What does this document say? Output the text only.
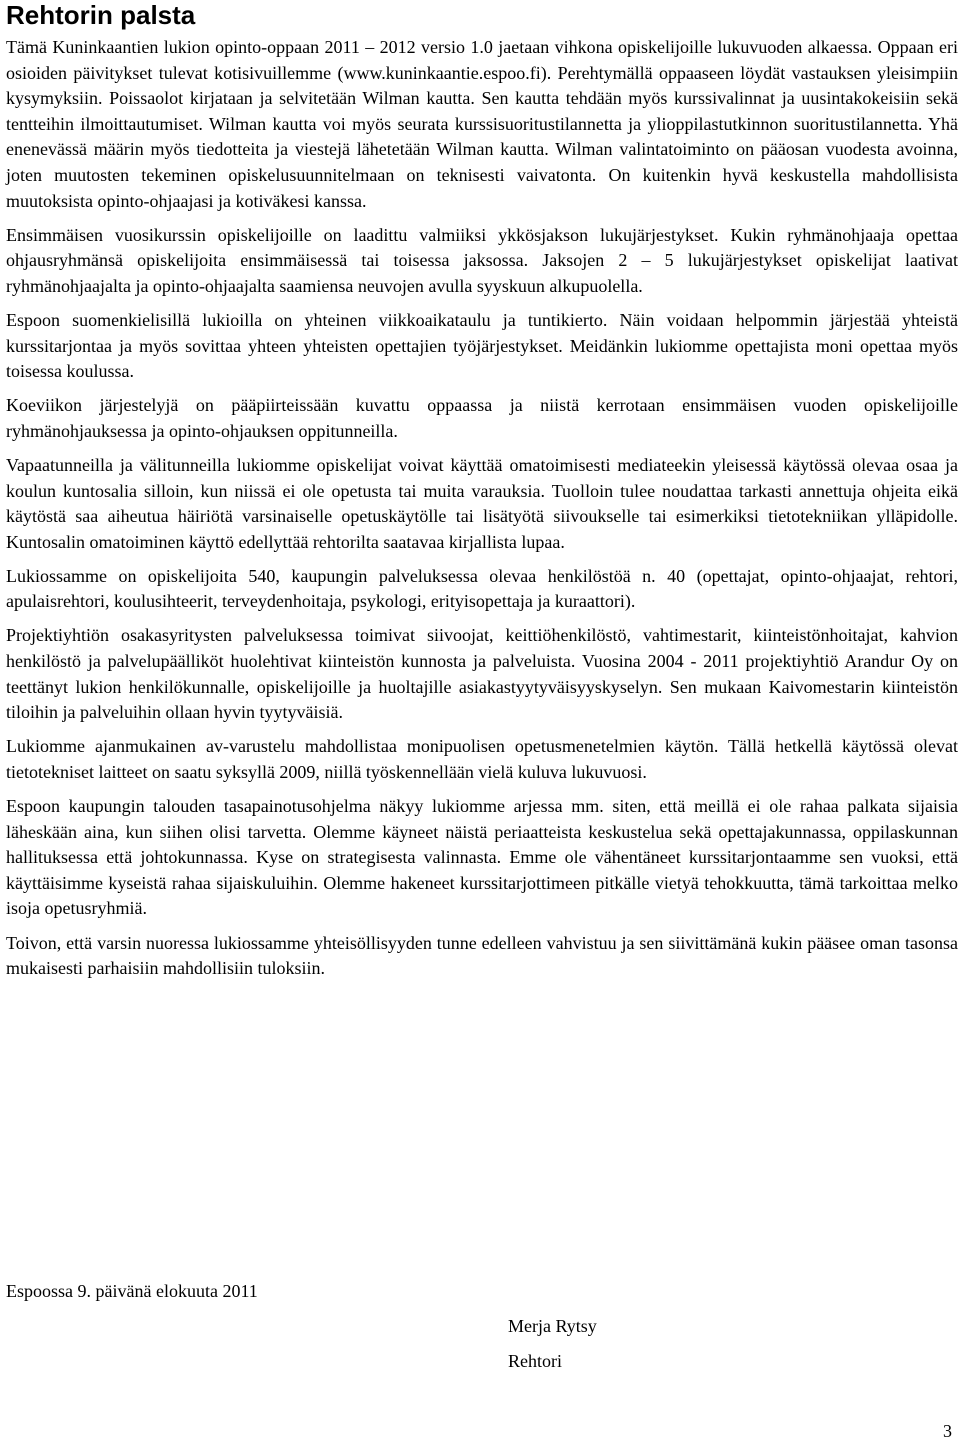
Rehtorin palsta

Tämä Kuninkaantien lukion opinto-oppaan 2011 – 2012 versio 1.0 jaetaan vihkona opiskelijoille lukuvuoden alkaessa. Oppaan eri osioiden päivitykset tulevat kotisivuillemme (www.kuninkaantie.espoo.fi). Perehtymällä oppaaseen löydät vastauksen yleisimpiin kysymyksiin. Poissaolot kirjataan ja selvitetään Wilman kautta. Sen kautta tehdään myös kurssivalinnat ja uusintakokeisiin sekä tentteihin ilmoittautumiset. Wilman kautta voi myös seurata kurssisuoritustilannetta ja ylioppilastutkinnon suoritustilannetta. Yhä enenevässä määrin myös tiedotteita ja viestejä lähetetään Wilman kautta. Wilman valintatoiminto on pääosan vuodesta avoinna, joten muutosten tekeminen opiskelusuunnitelmaan on teknisesti vaivatonta. On kuitenkin hyvä keskustella mahdollisista muutoksista opinto-ohjaajasi ja kotiväkesi kanssa.

Ensimmäisen vuosikurssin opiskelijoille on laadittu valmiiksi ykkösjakson lukujärjestykset. Kukin ryhmänohjaaja opettaa ohjausryhmänsä opiskelijoita ensimmäisessä tai toisessa jaksossa. Jaksojen 2 – 5 lukujärjestykset opiskelijat laativat ryhmänohjaajalta ja opinto-ohjaajalta saamiensa neuvojen avulla syyskuun alkupuolella.

Espoon suomenkielisillä lukioilla on yhteinen viikkoaikataulu ja tuntikierto. Näin voidaan helpommin järjestää yhteistä kurssitarjontaa ja myös sovittaa yhteen yhteisten opettajien työjärjestykset. Meidänkin lukiomme opettajista moni opettaa myös toisessa koulussa.

Koeviikon järjestelyjä on pääpiirteissään kuvattu oppaassa ja niistä kerrotaan ensimmäisen vuoden opiskelijoille ryhmänohjauksessa ja opinto-ohjauksen oppitunneilla.

Vapaatunneilla ja välitunneilla lukiomme opiskelijat voivat käyttää omatoimisesti mediateekin yleisessä käytössä olevaa osaa ja koulun kuntosalia silloin, kun niissä ei ole opetusta tai muita varauksia. Tuolloin tulee noudattaa tarkasti annettuja ohjeita eikä käytöstä saa aiheutua häiriötä varsinaiselle opetuskäytölle tai lisätyötä siivoukselle tai esimerkiksi tietotekniikan ylläpidolle. Kuntosalin omatoiminen käyttö edellyttää rehtorilta saatavaa kirjallista lupaa.

Lukiossamme on opiskelijoita 540, kaupungin palveluksessa olevaa henkilöstöä n. 40 (opettajat, opinto-ohjaajat, rehtori, apulaisrehtori, koulusihteerit, terveydenhoitaja, psykologi, erityisopettaja ja kuraattori).

Projektiyhtiön osakasyritysten palveluksessa toimivat siivoojat, keittiöhenkilöstö, vahtimestarit, kiinteistönhoitajat, kahvion henkilöstö ja palvelupäälliköt huolehtivat kiinteistön kunnosta ja palveluista. Vuosina 2004 - 2011 projektiyhtiö Arandur Oy on teettänyt lukion henkilökunnalle, opiskelijoille ja huoltajille asiakastyytyväisyyskyselyn. Sen mukaan Kaivomestarin kiinteistön tiloihin ja palveluihin ollaan hyvin tyytyväisiä.

Lukiomme ajanmukainen av-varustelu mahdollistaa monipuolisen opetusmenetelmien käytön. Tällä hetkellä käytössä olevat tietotekniset laitteet on saatu syksyllä 2009, niillä työskennellään vielä kuluva lukuvuosi.

Espoon kaupungin talouden tasapainotusohjelma näkyy lukiomme arjessa mm. siten, että meillä ei ole rahaa palkata sijaisia läheskään aina, kun siihen olisi tarvetta. Olemme käyneet näistä periaatteista keskustelua sekä opettajakunnassa, oppilaskunnan hallituksessa että johtokunnassa. Kyse on strategisesta valinnasta. Emme ole vähentäneet kurssitarjontaamme sen vuoksi, että käyttäisimme kyseistä rahaa sijaiskuluihin. Olemme hakeneet kurssitarjottimeen pitkälle vietyä tehokkuutta, tämä tarkoittaa melko isoja opetusryhmiä.

Toivon, että varsin nuoressa lukiossamme yhteisöllisyyden tunne edelleen vahvistuu ja sen siivittämänä kukin pääsee oman tasonsa mukaisesti parhaisiin mahdollisiin tuloksiin.

Espoossa 9. päivänä elokuuta 2011
Merja Rytsy
Rehtori
3
